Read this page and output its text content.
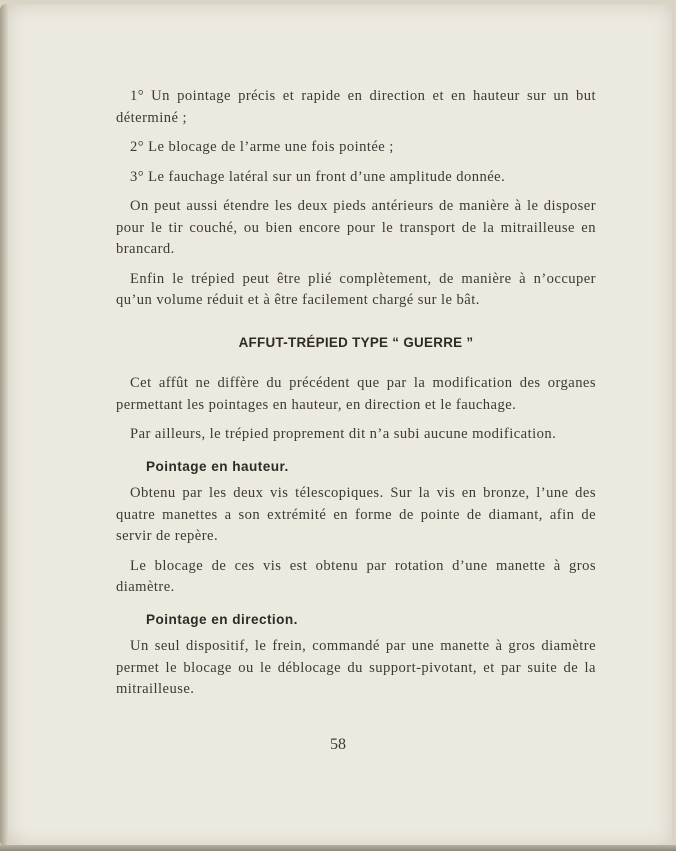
1° Un pointage précis et rapide en direction et en hauteur sur un but déterminé ;

2° Le blocage de l’arme une fois pointée ;

3° Le fauchage latéral sur un front d’une amplitude donnée.

On peut aussi étendre les deux pieds antérieurs de manière à le disposer pour le tir couché, ou bien encore pour le transport de la mitrailleuse en brancard.

Enfin le trépied peut être plié complètement, de manière à n’occuper qu’un volume réduit et à être facilement chargé sur le bât.

AFFUT-TRÉPIED TYPE “ GUERRE ”

Cet affût ne diffère du précédent que par la modification des organes permettant les pointages en hauteur, en direction et le fauchage.

Par ailleurs, le trépied proprement dit n’a subi aucune modification.

Pointage en hauteur.

Obtenu par les deux vis télescopiques. Sur la vis en bronze, l’une des quatre manettes a son extrémité en forme de pointe de diamant, afin de servir de repère.

Le blocage de ces vis est obtenu par rotation d’une manette à gros diamètre.

Pointage en direction.

Un seul dispositif, le frein, commandé par une manette à gros diamètre permet le blocage ou le déblocage du support-pivotant, et par suite de la mitrailleuse.

58
